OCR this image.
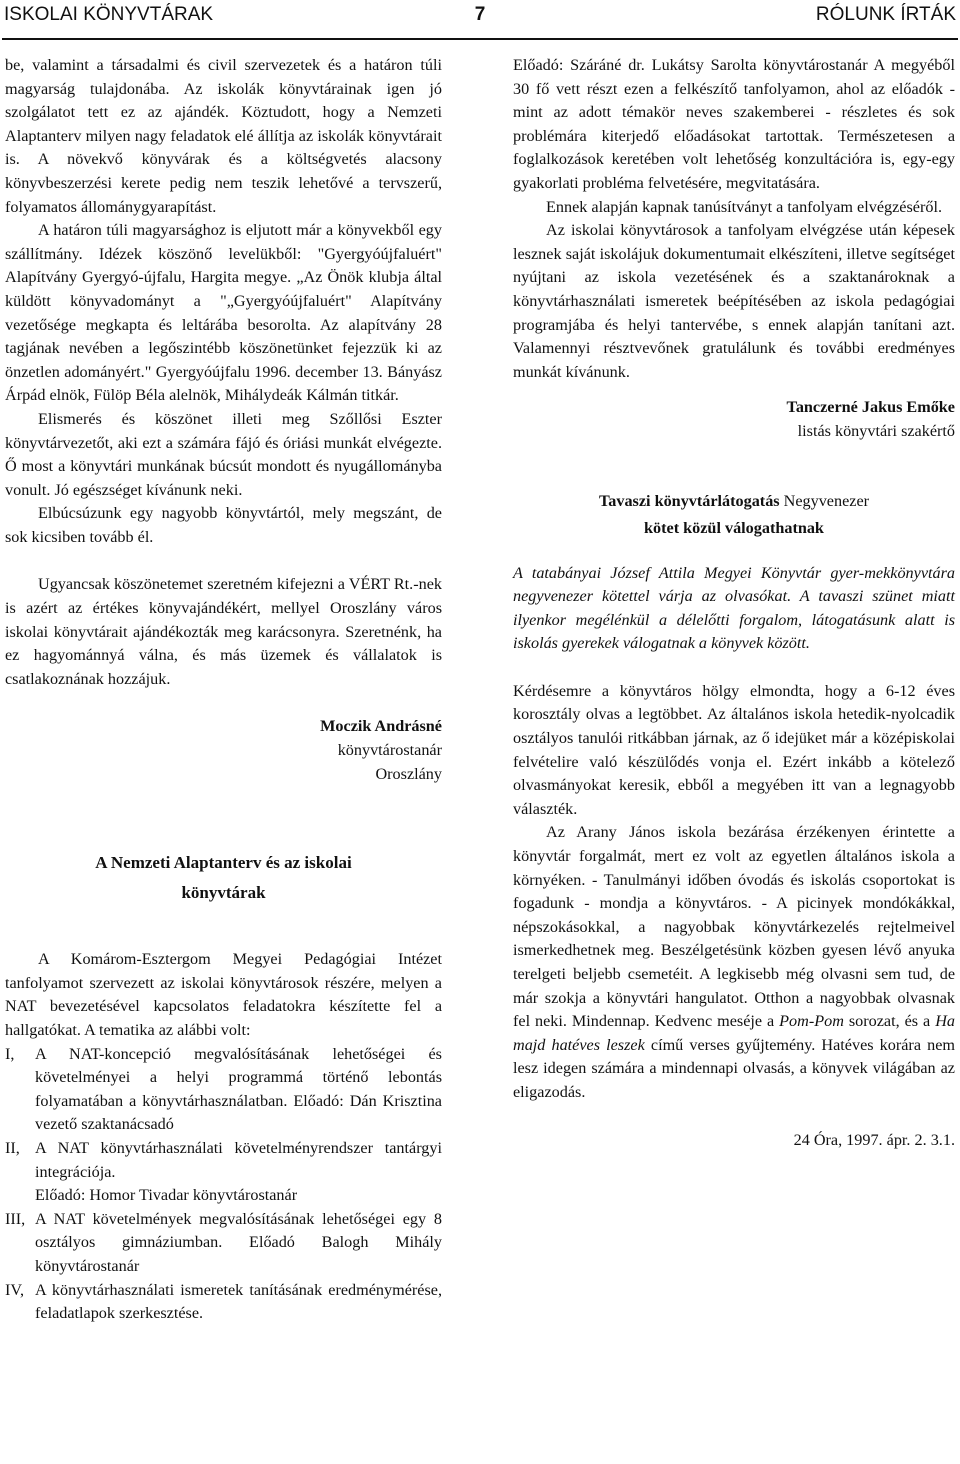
ISKOLAI KÖNYVTÁRAK	7	RÓLUNK ÍRTÁK

be, valamint a társadalmi és civil szervezetek és a határon túli magyarság tulajdonába. Az iskolák könyvtárainak igen jó szolgálatot tett ez az ajándék. Köztudott, hogy a Nemzeti Alaptanterv milyen nagy feladatok elé állítja az iskolák könyvtárait is. A növekvő könyvárak és a költségvetés alacsony könyvbeszerzési kerete pedig nem teszik lehetővé a tervszerű, folyamatos állománygyarapítást.

A határon túli magyarsághoz is eljutott már a könyvekből egy szállítmány. Idézek köszönő levelükből: "Gyergyóújfaluért" Alapítvány Gyergyó-újfalu, Hargita megye. „Az Önök klubja által küldött könyvadományt a "„Gyergyóújfaluért" Alapítvány vezetősége megkapta és leltárába besorolta. Az alapítvány 28 tagjának nevében a legőszintébb köszönetünket fejezzük ki az önzetlen adományért." Gyergyóújfalu 1996. december 13. Bányász Árpád elnök, Fülöp Béla alelnök, Mihálydeák Kálmán titkár.

Elismerés és köszönet illeti meg Szőllősi Eszter könyvtárvezetőt, aki ezt a számára fájó és óriási munkát elvégezte. Ő most a könyvtári munkának búcsút mondott és nyugállományba vonult. Jó egészséget kívánunk neki.

Elbúcsúzunk egy nagyobb könyvtártól, mely megszánt, de sok kicsiben tovább él.

Ugyancsak köszönetemet szeretném kifejezni a VÉRT Rt.-nek is azért az értékes könyvajándékért, mellyel Oroszlány város iskolai könyvtárait ajándékozták meg karácsonyra. Szeretnénk, ha ez hagyománnyá válna, és más üzemek és vállalatok is csatlakoznának hozzájuk.

Moczik Andrásné
könyvtárostanár
Oroszlány
A Nemzeti Alaptanterv és az iskolai
könyvtárak

A Komárom-Esztergom Megyei Pedagógiai Intézet tanfolyamot szervezett az iskolai könyvtárosok részére, melyen a NAT bevezetésével kapcsolatos feladatokra készítette fel a hallgatókat. A tematika az alábbi volt:

I,	A NAT-koncepció megvalósításának lehetőségei és követelményei a helyi programmá történő lebontás folyamatában a könyvtárhasználatban. Előadó: Dán Krisztina vezető szaktanácsadó
II, A NAT könyvtárhasználati követelményrendszer tantárgyi integrációja.

Előadó: Homor Tivadar könyvtárostanár

III, A NAT követelmények megvalósításának lehetőségei egy 8 osztályos gimnáziumban. Előadó Balogh Mihály könyvtárostanár
IV, A könyvtárhasználati ismeretek tanításának eredménymérése, feladatlapok szerkesztése.

Előadó: Száráné dr. Lukátsy Sarolta könyvtárostanár A megyéből 30 fő vett részt ezen a felkészítő tanfolyamon, ahol az előadók - mint az adott témakör neves szakemberei - részletes és sok problémára kiterjedő előadásokat tartottak. Természetesen a foglalkozások keretében volt lehetőség konzultációra is, egy-egy gyakorlati probléma felvetésére, megvitatására.

Ennek alapján kapnak tanúsítványt a tanfolyam elvégzéséről.

Az iskolai könyvtárosok a tanfolyam elvégzése után képesek lesznek saját iskolájuk dokumentumait elkészíteni, illetve segítséget nyújtani az iskola vezetésének és a szaktanároknak a könyvtárhasználati ismeretek beépítésében az iskola pedagógiai programjába és helyi tantervébe, s ennek alapján tanítani azt. Valamennyi résztvevőnek gratulálunk és további eredményes munkát kívánunk.

Tanczerné Jakus Emőke
listás könyvtári szakértő
Tavaszi könyvtárlátogatás Negyvenezer
kötet közül válogathatnak

A tatabányai József Attila Megyei Könyvtár gyer-mekkönyvtára negyvenezer kötettel várja az olvasókat. A tavaszi szünet miatt ilyenkor megélénkül a délelőtti forgalom, látogatásunk alatt is iskolás gyerekek válogatnak a könyvek között.

Kérdésemre a könyvtáros hölgy elmondta, hogy a 6-12 éves korosztály olvas a legtöbbet. Az általános iskola hetedik-nyolcadik osztályos tanulói ritkábban járnak, az ő idejüket már a középiskolai felvételire való készülődés vonja el. Ezért inkább a kötelező olvasmányokat keresik, ebből a megyében itt van a legnagyobb választék.

Az Arany János iskola bezárása érzékenyen érintette a könyvtár forgalmát, mert ez volt az egyetlen általános iskola a környéken. - Tanulmányi időben óvodás és iskolás csoportokat is fogadunk - mondja a könyvtáros. - A picinyek mondókákkal, népszokásokkal, a nagyobbak könyvtárkezelés rejtelmeivel ismerkedhetnek meg. Beszélgetésünk közben gyesen lévő anyuka terelgeti beljebb csemetéit. A legkisebb még olvasni sem tud, de már szokja a könyvtári hangulatot. Otthon a nagyobbak olvasnak fel neki. Mindennap. Kedvenc meséje a Pom-Pom sorozat, és a Ha majd hatéves leszek című verses gyűjtemény. Hatéves korára nem lesz idegen számára a mindennapi olvasás, a könyvek világában az eligazodás.

24 Óra, 1997. ápr. 2. 3.1.
